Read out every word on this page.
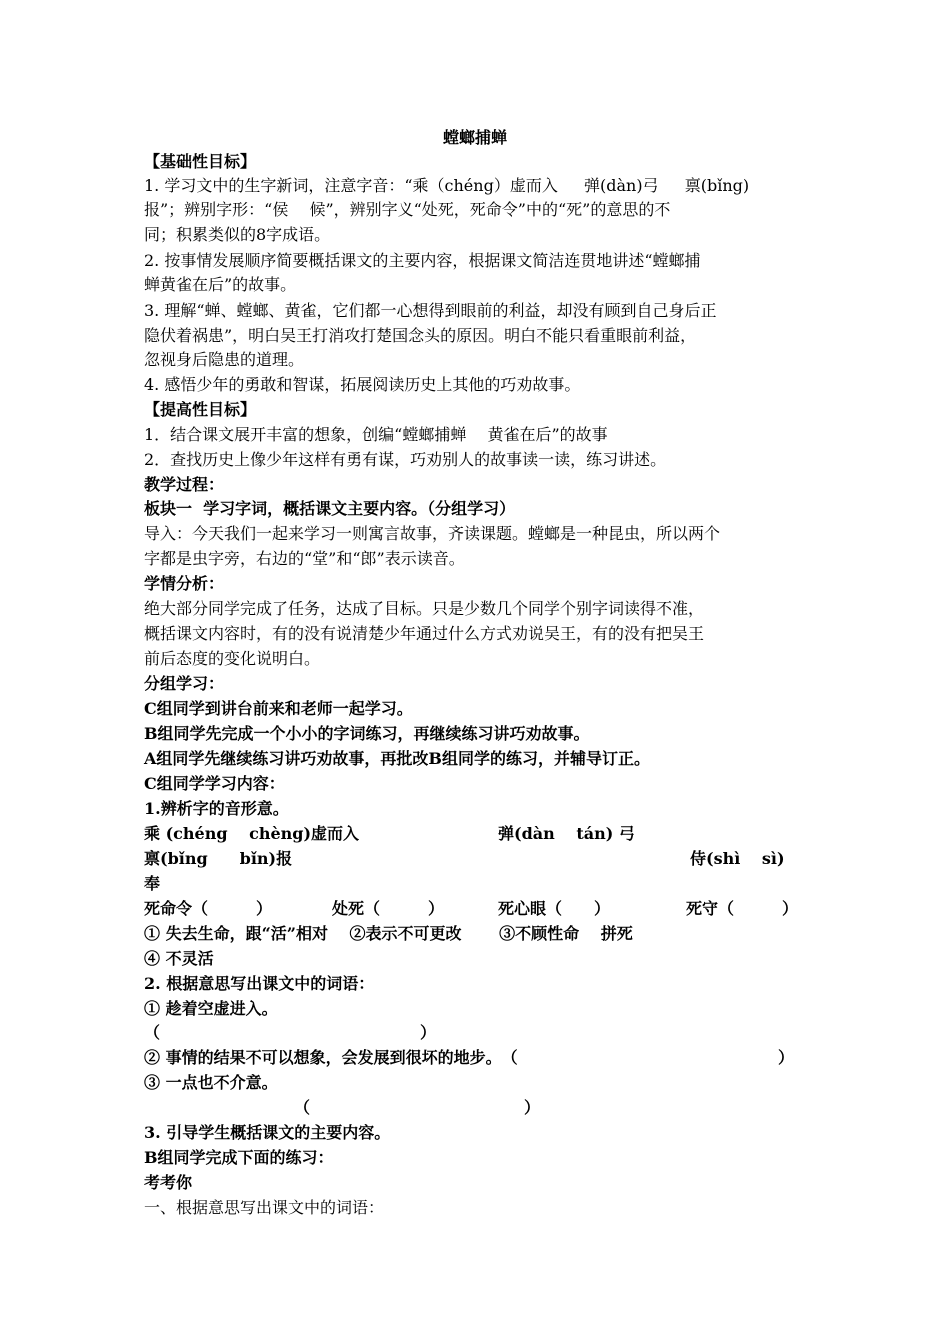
螳螂捕蝉
【基础性目标】
1. 学习文中的生字新词，注意字音：“乘（chéng）虚而入　  弹(dàn)弓　  禀(bǐng)
报”；辨别字形：“侯　 候”，辨别字义“处死，死命令”中的“死”的意思的不
同；积累类似的8字成语。
2. 按事情发展顺序简要概括课文的主要内容，根据课文简洁连贯地讲述“螳螂捕
蝉黄雀在后”的故事。
3. 理解“蝉、螳螂、黄雀，它们都一心想得到眼前的利益，却没有顾到自己身后正
隐伏着祸患”，明白吴王打消攻打楚国念头的原因。明白不能只看重眼前利益，
忽视身后隐患的道理。
4. 感悟少年的勇敢和智谋，拓展阅读历史上其他的巧劝故事。
【提高性目标】
1．结合课文展开丰富的想象，创编“螳螂捕蝉　 黄雀在后”的故事
2．查找历史上像少年这样有勇有谋，巧劝别人的故事读一读，练习讲述。
教学过程：
板块一  学习字词，概括课文主要内容。（分组学习）
导入：今天我们一起来学习一则寓言故事，齐读课题。螳螂是一种昆虫，所以两个
字都是虫字旁，右边的“堂”和“郎”表示读音。
学情分析：
绝大部分同学完成了任务，达成了目标。只是少数几个同学个别字词读得不准，
概括课文内容时，有的没有说清楚少年通过什么方式劝说吴王，有的没有把吴王
前后态度的变化说明白。
分组学习：
C组同学到讲台前来和老师一起学习。
B组同学先完成一个小小的字词练习，再继续练习讲巧劝故事。
A组同学先继续练习讲巧劝故事，再批改B组同学的练习，并辅导订正。
C组同学学习内容：
1.辨析字的音形意。
乘 (chéng　 chèng)虚而入	弹(dàn　 tán) 弓
禀(bǐng　　bǐn)报	侍(shì　 sì)
奉
死命令（　　　）	处死（　　　）	死心眼（　　）	死守（　　　）
① 失去生命，跟“活”相对　 ②表示不可更改　　 ③不顾性命　 拼死
④ 不灵活
2. 根据意思写出课文中的词语：
① 趁着空虚进入。
（	）
② 事情的结果不可以想象，会发展到很坏的地步。　（	）
③ 一点也不介意。
（	）
3. 引导学生概括课文的主要内容。
B组同学完成下面的练习：
考考你
一、根据意思写出课文中的词语：
